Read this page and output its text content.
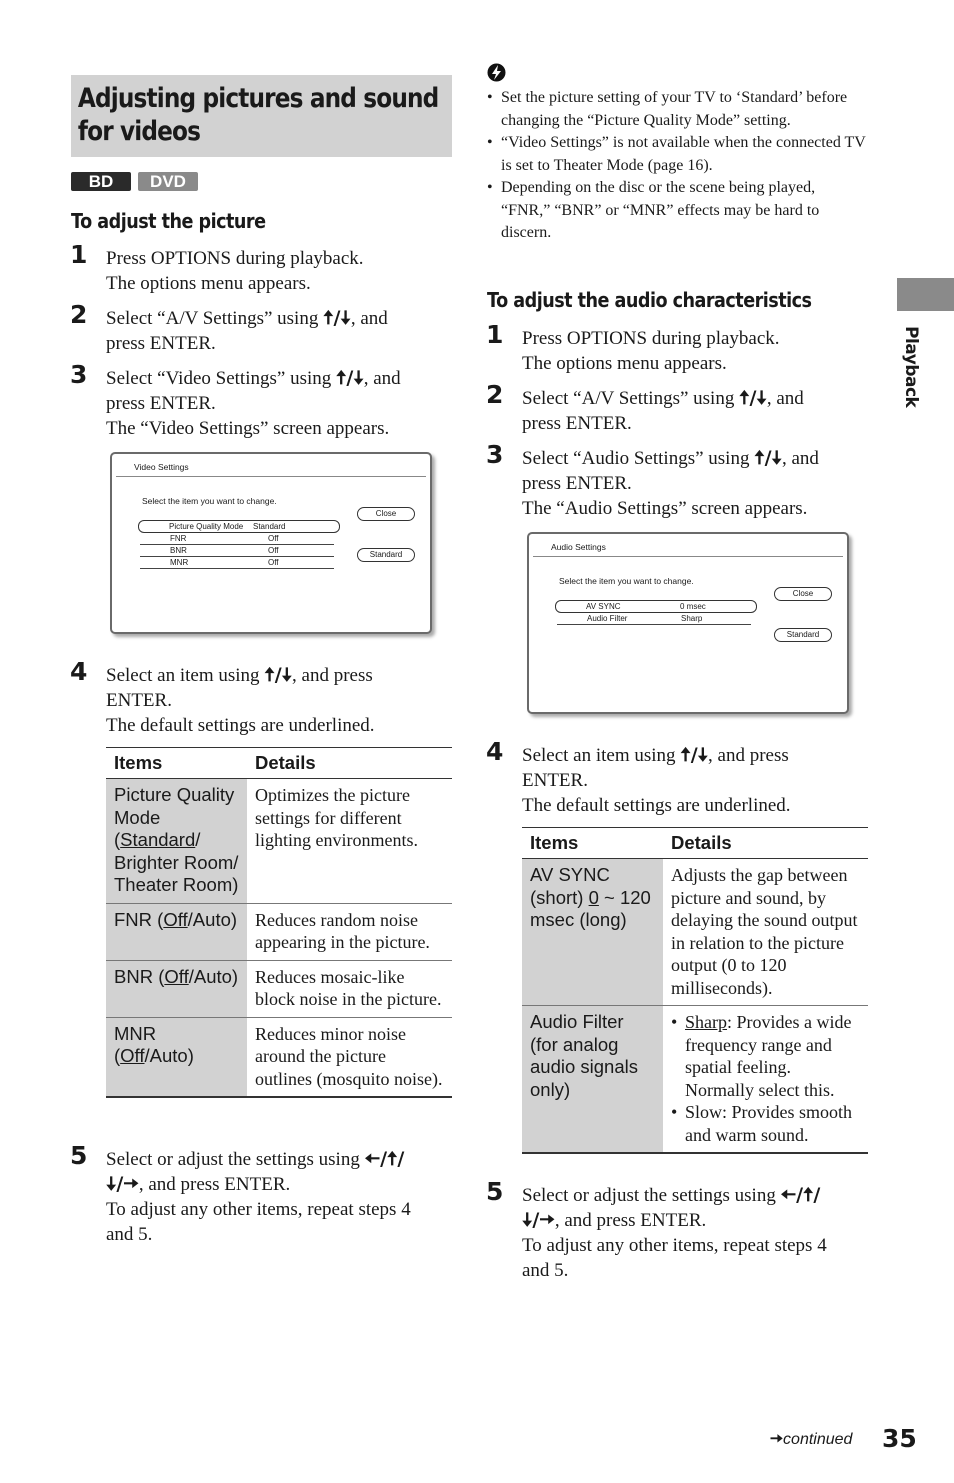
Adjusting pictures and sound
for videos
BD	DVD
To adjust the picture
1 Press OPTIONS during playback.
The options menu appears.
2 Select “A/V Settings” using 🠅/🠇, and
press ENTER.
3 Select “Video Settings” using 🠅/🠇, and
press ENTER.
The “Video Settings” screen appears.
Video Settings
Select the item you want to change.
Picture Quality Mode Standard
FNR	Off
BNR	Off
MNR	Off
Close
Standard
4 Select an item using 🠅/🠇, and press
ENTER.
The default settings are underlined.
Items	Details
Picture Quality Mode (Standard/ Brighter Room/ Theater Room)	Optimizes the picture settings for different lighting environments.
FNR (Off/Auto)	Reduces random noise appearing in the picture.
BNR (Off/Auto)	Reduces mosaic-like block noise in the picture.
MNR (Off/Auto)	Reduces minor noise around the picture outlines (mosquito noise).
5 Select or adjust the settings using 🠄/🠅/
🠇/🠆, and press ENTER.
To adjust any other items, repeat steps 4
and 5.
• Set the picture setting of your TV to ‘Standard’ before changing the “Picture Quality Mode” setting.
• “Video Settings” is not available when the connected TV is set to Theater Mode (page 16).
• Depending on the disc or the scene being played, “FNR,” “BNR” or “MNR” effects may be hard to discern.
To adjust the audio characteristics
1 Press OPTIONS during playback.
The options menu appears.
2 Select “A/V Settings” using 🠅/🠇, and
press ENTER.
3 Select “Audio Settings” using 🠅/🠇, and
press ENTER.
The “Audio Settings” screen appears.
Audio Settings
Select the item you want to change.
AV SYNC	0 msec
Audio Filter	Sharp
Close
Standard
4 Select an item using 🠅/🠇, and press
ENTER.
The default settings are underlined.
Items	Details
AV SYNC (short) 0 ~ 120 msec (long)	Adjusts the gap between picture and sound, by delaying the sound output in relation to the picture output (0 to 120 milliseconds).
Audio Filter (for analog audio signals only)	• Sharp: Provides a wide frequency range and spatial feeling. Normally select this.
• Slow: Provides smooth and warm sound.
5 Select or adjust the settings using 🠄/🠅/
🠇/🠆, and press ENTER.
To adjust any other items, repeat steps 4
and 5.
Playback
🠆continued 35
